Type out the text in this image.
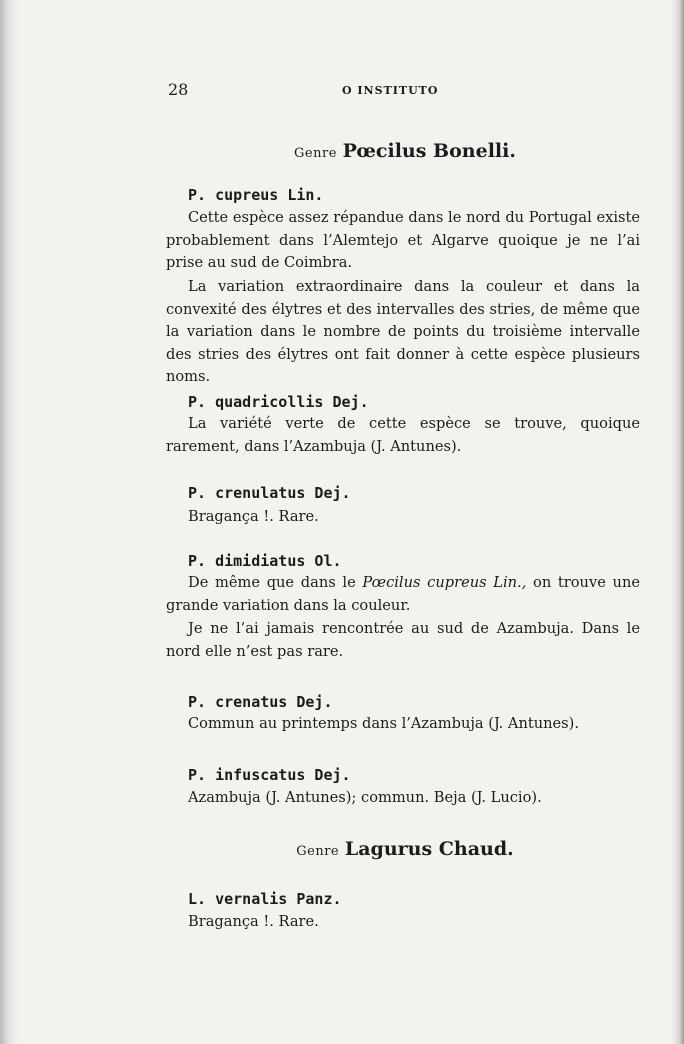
28	O INSTITUTO
Genre Pœcilus Bonelli.
P. cupreus Lin.

Cette espèce assez répandue dans le nord du Portugal existe probablement dans l’Alemtejo et Algarve quoique je ne l’ai prise au sud de Coimbra.

La variation extraordinaire dans la couleur et dans la convexité des élytres et des intervalles des stries, de même que la variation dans le nombre de points du troisième intervalle des stries des élytres ont fait donner à cette espèce plusieurs noms.

P. quadricollis Dej.

La variété verte de cette espèce se trouve, quoique rarement, dans l’Azambuja (J. Antunes).

P. crenulatus Dej.

Bragança !. Rare.

P. dimidiatus Ol.

De même que dans le Pœcilus cupreus Lin., on trouve une grande variation dans la couleur.

Je ne l’ai jamais rencontrée au sud de Azambuja. Dans le nord elle n’est pas rare.

P. crenatus Dej.

Commun au printemps dans l’Azambuja (J. Antunes).

P. infuscatus Dej.

Azambuja (J. Antunes); commun. Beja (J. Lucio).

Genre Lagurus Chaud.
L. vernalis Panz.

Bragança !. Rare.
